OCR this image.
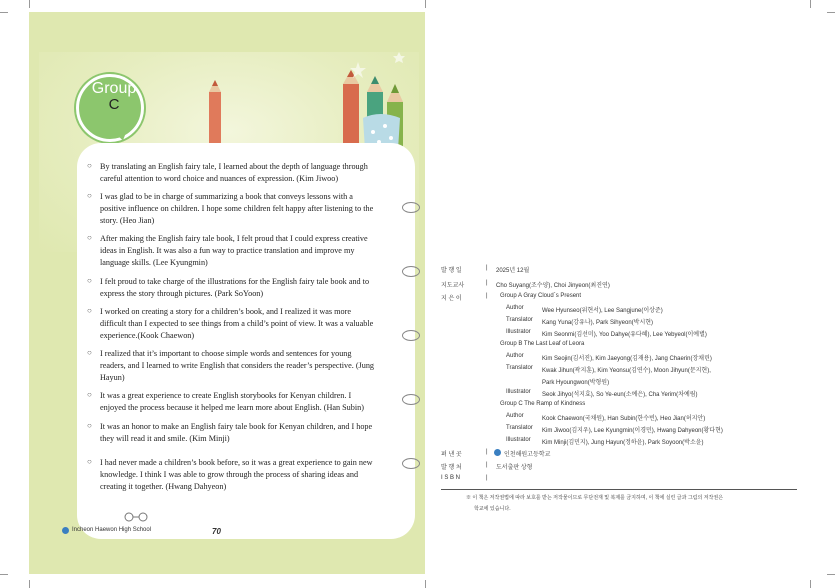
Group
C
○ By translating an English fairy tale, I learned about the depth of language through careful attention to word choice and nuances of expression. (Kim Jiwoo)
○ I was glad to be in charge of summarizing a book that conveys lessons with a positive influence on children. I hope some children felt happy after listening to the story. (Heo Jian)
○ After making the English fairy tale book, I felt proud that I could express creative ideas in English. It was also a fun way to practice translation and improve my language skills. (Lee Kyungmin)
○ I felt proud to take charge of the illustrations for the English fairy tale book and to express the story through pictures. (Park SoYoon)
○ I worked on creating a story for a children’s book, and I realized it was more difficult than I expected to see things from a child’s point of view. It was a valuable experience.(Kook Chaewon)
○ I realized that it’s important to choose simple words and sentences for young readers, and I learned to write English that considers the reader’s perspective. (Jung Hayun)
○ It was a great experience to create English storybooks for Kenyan children. I enjoyed the process because it helped me learn more about English. (Han Subin)
○ It was an honor to make an English fairy tale book for Kenyan children, and I hope they will read it and smile. (Kim Minji)
○ I had never made a children’s book before, so it was a great experience to gain new knowledge. I think I was able to grow through the process of sharing ideas and creating it together. (Hwang Dahyeon)
Incheon Haewon High School	70
발 행 일	| 2025년 12월
지도교사	| Cho Suyang(조수양), Choi Jinyeon(최진연)
지 은 이	| Group A Gray Cloud`s Present
Author	Wee Hyunseo(위현서), Lee Sangjune(이상준)
Translator Kang Yuna(강유나), Park Sihyeon(박시현)
Illustrator Kim Seonmi(김선미), Yoo Dahye(유다혜), Lee Yebyeol(이예별)
Group B The Last Leaf of Leora
Author	Kim Seojin(김서진), Kim Jaeyong(김재용), Jang Chaerin(장채린)
Translator Kwak Jihun(곽지훈), Kim Yeonsu(김연수), Moon Jihyun(문지현),
Park Hyoungwon(박형원)
Illustrator Seok Jihyo(석지효), So Ye-eun(소예은), Cha Yerim(차예림)
Group C The Ramp of Kindness
Author	Kook Chaewon(국채원), Han Subin(한수빈), Heo Jian(허지안)
Translator Kim Jiwoo(김지우), Lee Kyungmin(이경민), Hwang Dahyeon(황다현)
Illustrator Kim Minji(김민지), Jung Hayun(정하윤), Park Soyoon(박소윤)
펴 낸 곳	|	인천해원고등학교
발 행 처	| 도서출판 상형
I S B N	|
※ 이 책은 저작권법에 따라 보호를 받는 저작물이므로 무단전재 및 복제를 금지하며, 이 책에 실린 글과 그림의 저작권은
학교에 있습니다.
